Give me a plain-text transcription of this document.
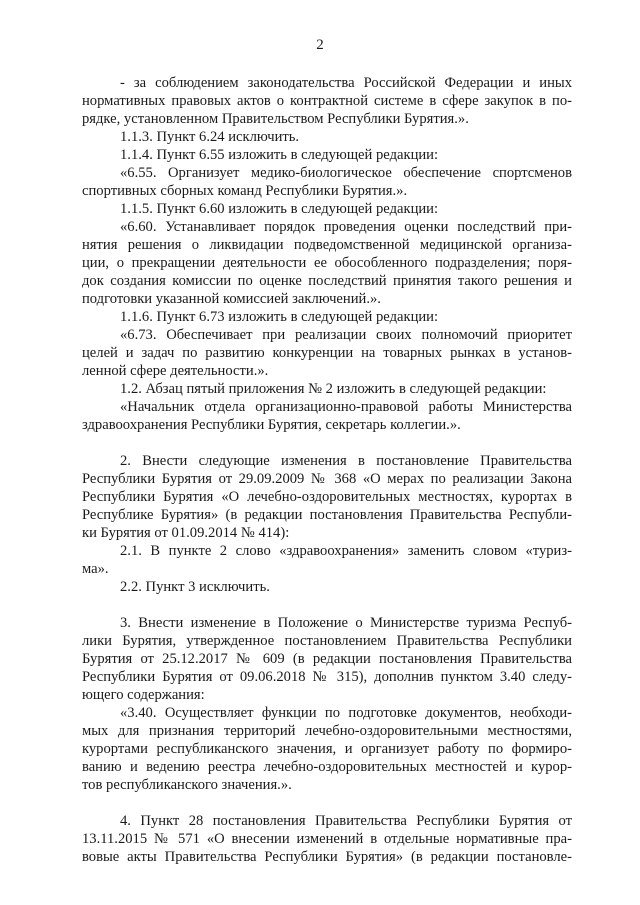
2

- за соблюдением законодательства Российской Федерации и иных
нормативных правовых актов о контрактной системе в сфере закупок в по-
рядке, установленном Правительством Республики Бурятия.».

1.1.3. Пункт 6.24 исключить.

1.1.4. Пункт 6.55 изложить в следующей редакции:

«6.55. Организует медико-биологическое обеспечение спортсменов
спортивных сборных команд Республики Бурятия.».

1.1.5. Пункт 6.60 изложить в следующей редакции:

«6.60. Устанавливает порядок проведения оценки последствий при-
нятия решения о ликвидации подведомственной медицинской организа-
ции, о прекращении деятельности ее обособленного подразделения; поря-
док создания комиссии по оценке последствий принятия такого решения и
подготовки указанной комиссией заключений.».

1.1.6. Пункт 6.73 изложить в следующей редакции:

«6.73. Обеспечивает при реализации своих полномочий приоритет
целей и задач по развитию конкуренции на товарных рынках в установ-
ленной сфере деятельности.».

1.2. Абзац пятый приложения № 2 изложить в следующей редакции:

«Начальник отдела организационно-правовой работы Министерства
здравоохранения Республики Бурятия, секретарь коллегии.».

2. Внести следующие изменения в постановление Правительства
Республики Бурятия от 29.09.2009 № 368 «О мерах по реализации Закона
Республики Бурятия «О лечебно-оздоровительных местностях, курортах в
Республике Бурятия» (в редакции постановления Правительства Республи-
ки Бурятия от 01.09.2014 № 414):

2.1. В пункте 2 слово «здравоохранения» заменить словом «туриз-
ма».

2.2. Пункт 3 исключить.

3. Внести изменение в Положение о Министерстве туризма Респуб-
лики Бурятия, утвержденное постановлением Правительства Республики
Бурятия от 25.12.2017 № 609 (в редакции постановления Правительства
Республики Бурятия от 09.06.2018 № 315), дополнив пунктом 3.40 следу-
ющего содержания:

«3.40. Осуществляет функции по подготовке документов, необходи-
мых для признания территорий лечебно-оздоровительными местностями,
курортами республиканского значения, и организует работу по формиро-
ванию и ведению реестра лечебно-оздоровительных местностей и курор-
тов республиканского значения.».

4. Пункт 28 постановления Правительства Республики Бурятия от
13.11.2015 № 571 «О внесении изменений в отдельные нормативные пра-
вовые акты Правительства Республики Бурятия» (в редакции постановле-
